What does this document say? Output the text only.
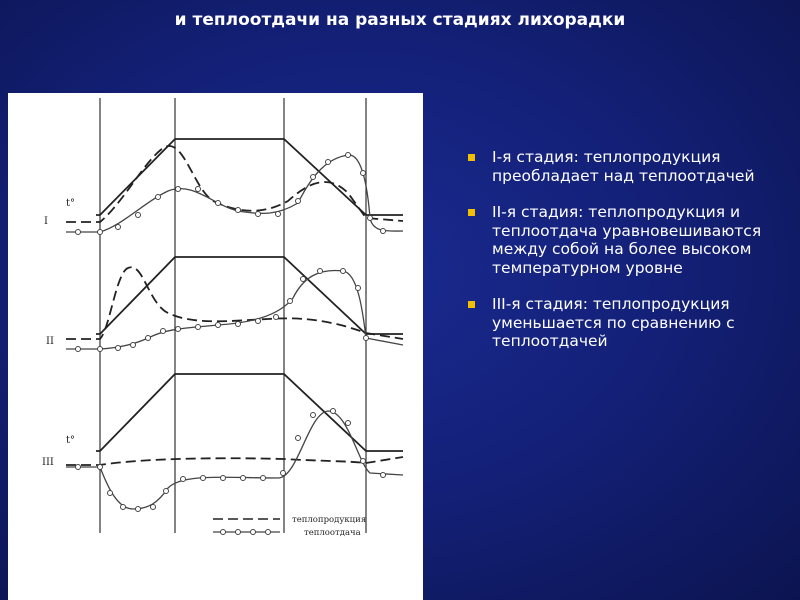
и теплоотдачи на разных стадиях лихорадки
t°
I
II
t°
III
теплопродукция
теплоотдача
I-я стадия: теплопродукция преобладает над теплоотдачей
II-я стадия: теплопродукция и теплоотдача уравновешиваются между собой на более высоком температурном уровне
III-я стадия: теплопродукция уменьшается по сравнению с теплоотдачей
